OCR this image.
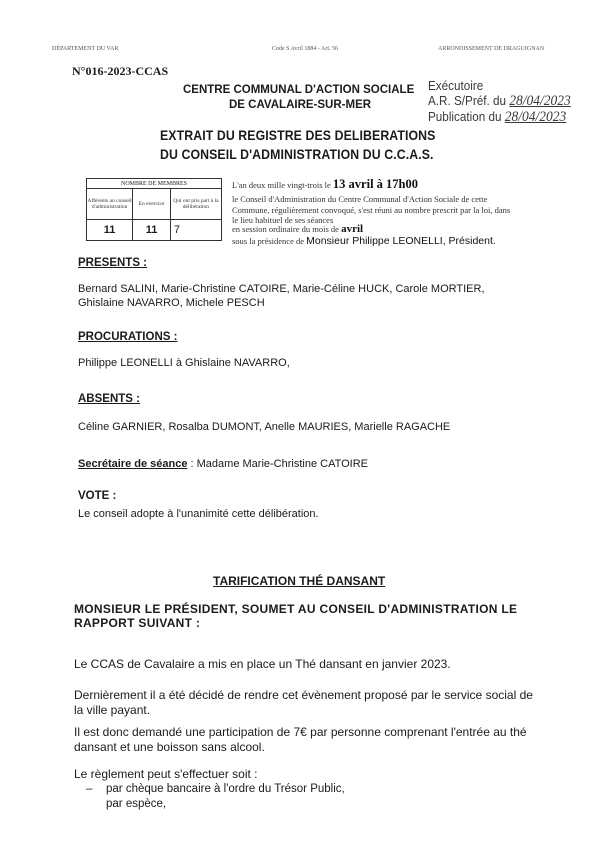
DÉPARTEMENT DU VAR	Code S Avril 1884 - Art. 56	ARRONDISSEMENT DE DRAGUIGNAN
N°016-2023-CCAS
CENTRE COMMUNAL D'ACTION SOCIALE
DE CAVALAIRE-SUR-MER
Exécutoire
A.R. S/Préf. du 28/04/2023
Publication du 28/04/2023
EXTRAIT DU REGISTRE DES DELIBERATIONS
DU CONSEIL D'ADMINISTRATION DU C.C.A.S.
NOMBRE DE MEMBRES		
Afférents au conseil d'administration	En exercice	Qui ont pris part à la délibération
11	11	7
L'an deux mille vingt-trois le 13 avril à 17h00
le Conseil d'Administration du Centre Communal d'Action Sociale de cette
Commune, régulièrement convoqué, s'est réuni au nombre prescrit par la loi, dans
le lieu habituel de ses séances
en session ordinaire du mois de avril
sous la présidence de Monsieur Philippe LEONELLI, Président.
PRESENTS :
Bernard SALINI, Marie-Christine CATOIRE, Marie-Céline HUCK, Carole MORTIER,
Ghislaine NAVARRO, Michele PESCH
PROCURATIONS :
Philippe LEONELLI à Ghislaine NAVARRO,
ABSENTS :
Céline GARNIER, Rosalba DUMONT, Anelle MAURIES, Marielle RAGACHE
Secrétaire de séance : Madame Marie-Christine CATOIRE
VOTE :
Le conseil adopte à l'unanimité cette délibération.
TARIFICATION THÉ DANSANT
MONSIEUR LE PRÉSIDENT, SOUMET AU CONSEIL D'ADMINISTRATION LE RAPPORT SUIVANT :
Le CCAS de Cavalaire a mis en place un Thé dansant en janvier 2023.
Dernièrement il a été décidé de rendre cet évènement proposé par le service social de la ville payant.
Il est donc demandé une participation de 7€ par personne comprenant l'entrée au thé dansant et une boisson sans alcool.
Le règlement peut s'effectuer soit :
– par chèque bancaire à l'ordre du Trésor Public,
par espèce,
